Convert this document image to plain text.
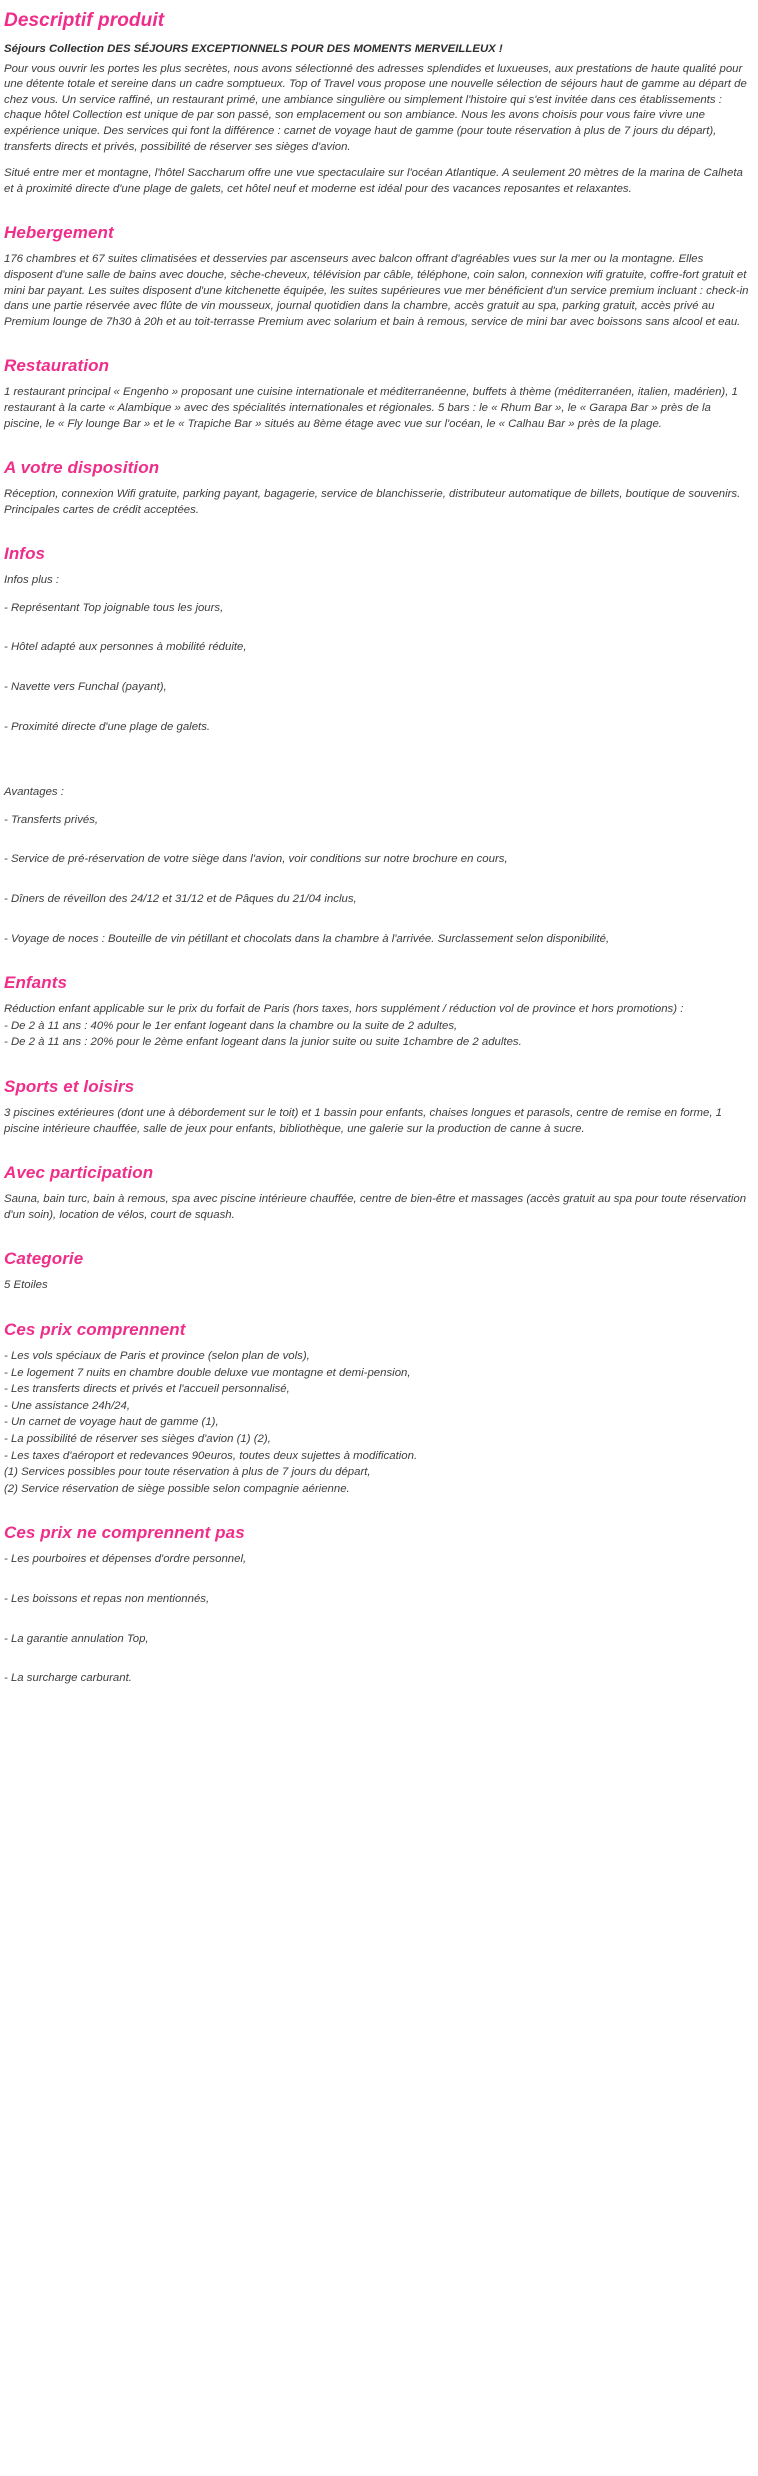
Descriptif produit

Séjours Collection DES SÉJOURS EXCEPTIONNELS POUR DES MOMENTS MERVEILLEUX !

Pour vous ouvrir les portes les plus secrètes, nous avons sélectionné des adresses splendides et luxueuses, aux prestations de haute qualité pour une détente totale et sereine dans un cadre somptueux. Top of Travel vous propose une nouvelle sélection de séjours haut de gamme au départ de chez vous. Un service raffiné, un restaurant primé, une ambiance singulière ou simplement l'histoire qui s'est invitée dans ces établissements : chaque hôtel Collection est unique de par son passé, son emplacement ou son ambiance. Nous les avons choisis pour vous faire vivre une expérience unique. Des services qui font la différence : carnet de voyage haut de gamme (pour toute réservation à plus de 7 jours du départ), transferts directs et privés, possibilité de réserver ses sièges d'avion.

Situé entre mer et montagne, l'hôtel Saccharum offre une vue spectaculaire sur l'océan Atlantique. A seulement 20 mètres de la marina de Calheta et à proximité directe d'une plage de galets, cet hôtel neuf et moderne est idéal pour des vacances reposantes et relaxantes.

Hebergement

176 chambres et 67 suites climatisées et desservies par ascenseurs avec balcon offrant d'agréables vues sur la mer ou la montagne. Elles disposent d'une salle de bains avec douche, sèche-cheveux, télévision par câble, téléphone, coin salon, connexion wifi gratuite, coffre-fort gratuit et mini bar payant. Les suites disposent d'une kitchenette équipée, les suites supérieures vue mer bénéficient d'un service premium incluant : check-in dans une partie réservée avec flûte de vin mousseux, journal quotidien dans la chambre, accès gratuit au spa, parking gratuit, accès privé au Premium lounge de 7h30 à 20h et au toit-terrasse Premium avec solarium et bain à remous, service de mini bar avec boissons sans alcool et eau.

Restauration

1 restaurant principal « Engenho » proposant une cuisine internationale et méditerranéenne, buffets à thème (méditerranéen, italien, madérien), 1 restaurant à la carte « Alambique » avec des spécialités internationales et régionales. 5 bars : le « Rhum Bar », le « Garapa Bar » près de la piscine, le « Fly lounge Bar » et le « Trapiche Bar » situés au 8ème étage avec vue sur l'océan, le « Calhau Bar » près de la plage.

A votre disposition

Réception, connexion Wifi gratuite, parking payant, bagagerie, service de blanchisserie, distributeur automatique de billets, boutique de souvenirs. Principales cartes de crédit acceptées.

Infos

Infos plus :

- Représentant Top joignable tous les jours,

- Hôtel adapté aux personnes à mobilité réduite,

- Navette vers Funchal (payant),

- Proximité directe d'une plage de galets.

Avantages :

- Transferts privés,

- Service de pré-réservation de votre siège dans l'avion, voir conditions sur notre brochure en cours,

- Dîners de réveillon des 24/12 et 31/12 et de Pâques du 21/04 inclus,

- Voyage de noces : Bouteille de vin pétillant et chocolats dans la chambre à l'arrivée. Surclassement selon disponibilité,

Enfants

Réduction enfant applicable sur le prix du forfait de Paris (hors taxes, hors supplément / réduction vol de province et hors promotions) :

- De 2 à 11 ans : 40% pour le 1er enfant logeant dans la chambre ou la suite de 2 adultes,

- De 2 à 11 ans : 20% pour le 2ème enfant logeant dans la junior suite ou suite 1chambre de 2 adultes.

Sports et loisirs

3 piscines extérieures (dont une à débordement sur le toit) et 1 bassin pour enfants, chaises longues et parasols, centre de remise en forme, 1 piscine intérieure chauffée, salle de jeux pour enfants, bibliothèque, une galerie sur la production de canne à sucre.

Avec participation

Sauna, bain turc, bain à remous, spa avec piscine intérieure chauffée, centre de bien-être et massages (accès gratuit au spa pour toute réservation d'un soin), location de vélos, court de squash.

Categorie

5 Etoiles

Ces prix comprennent

- Les vols spéciaux de Paris et province (selon plan de vols),

- Le logement 7 nuits en chambre double deluxe vue montagne et demi-pension,

- Les transferts directs et privés et l'accueil personnalisé,

- Une assistance 24h/24,

- Un carnet de voyage haut de gamme (1),

- La possibilité de réserver ses sièges d'avion (1) (2),

- Les taxes d'aéroport et redevances 90euros, toutes deux sujettes à modification.

(1) Services possibles pour toute réservation à plus de 7 jours du départ,

(2) Service réservation de siège possible selon compagnie aérienne.

Ces prix ne comprennent pas

- Les pourboires et dépenses d'ordre personnel,

- Les boissons et repas non mentionnés,

- La garantie annulation Top,

- La surcharge carburant.
